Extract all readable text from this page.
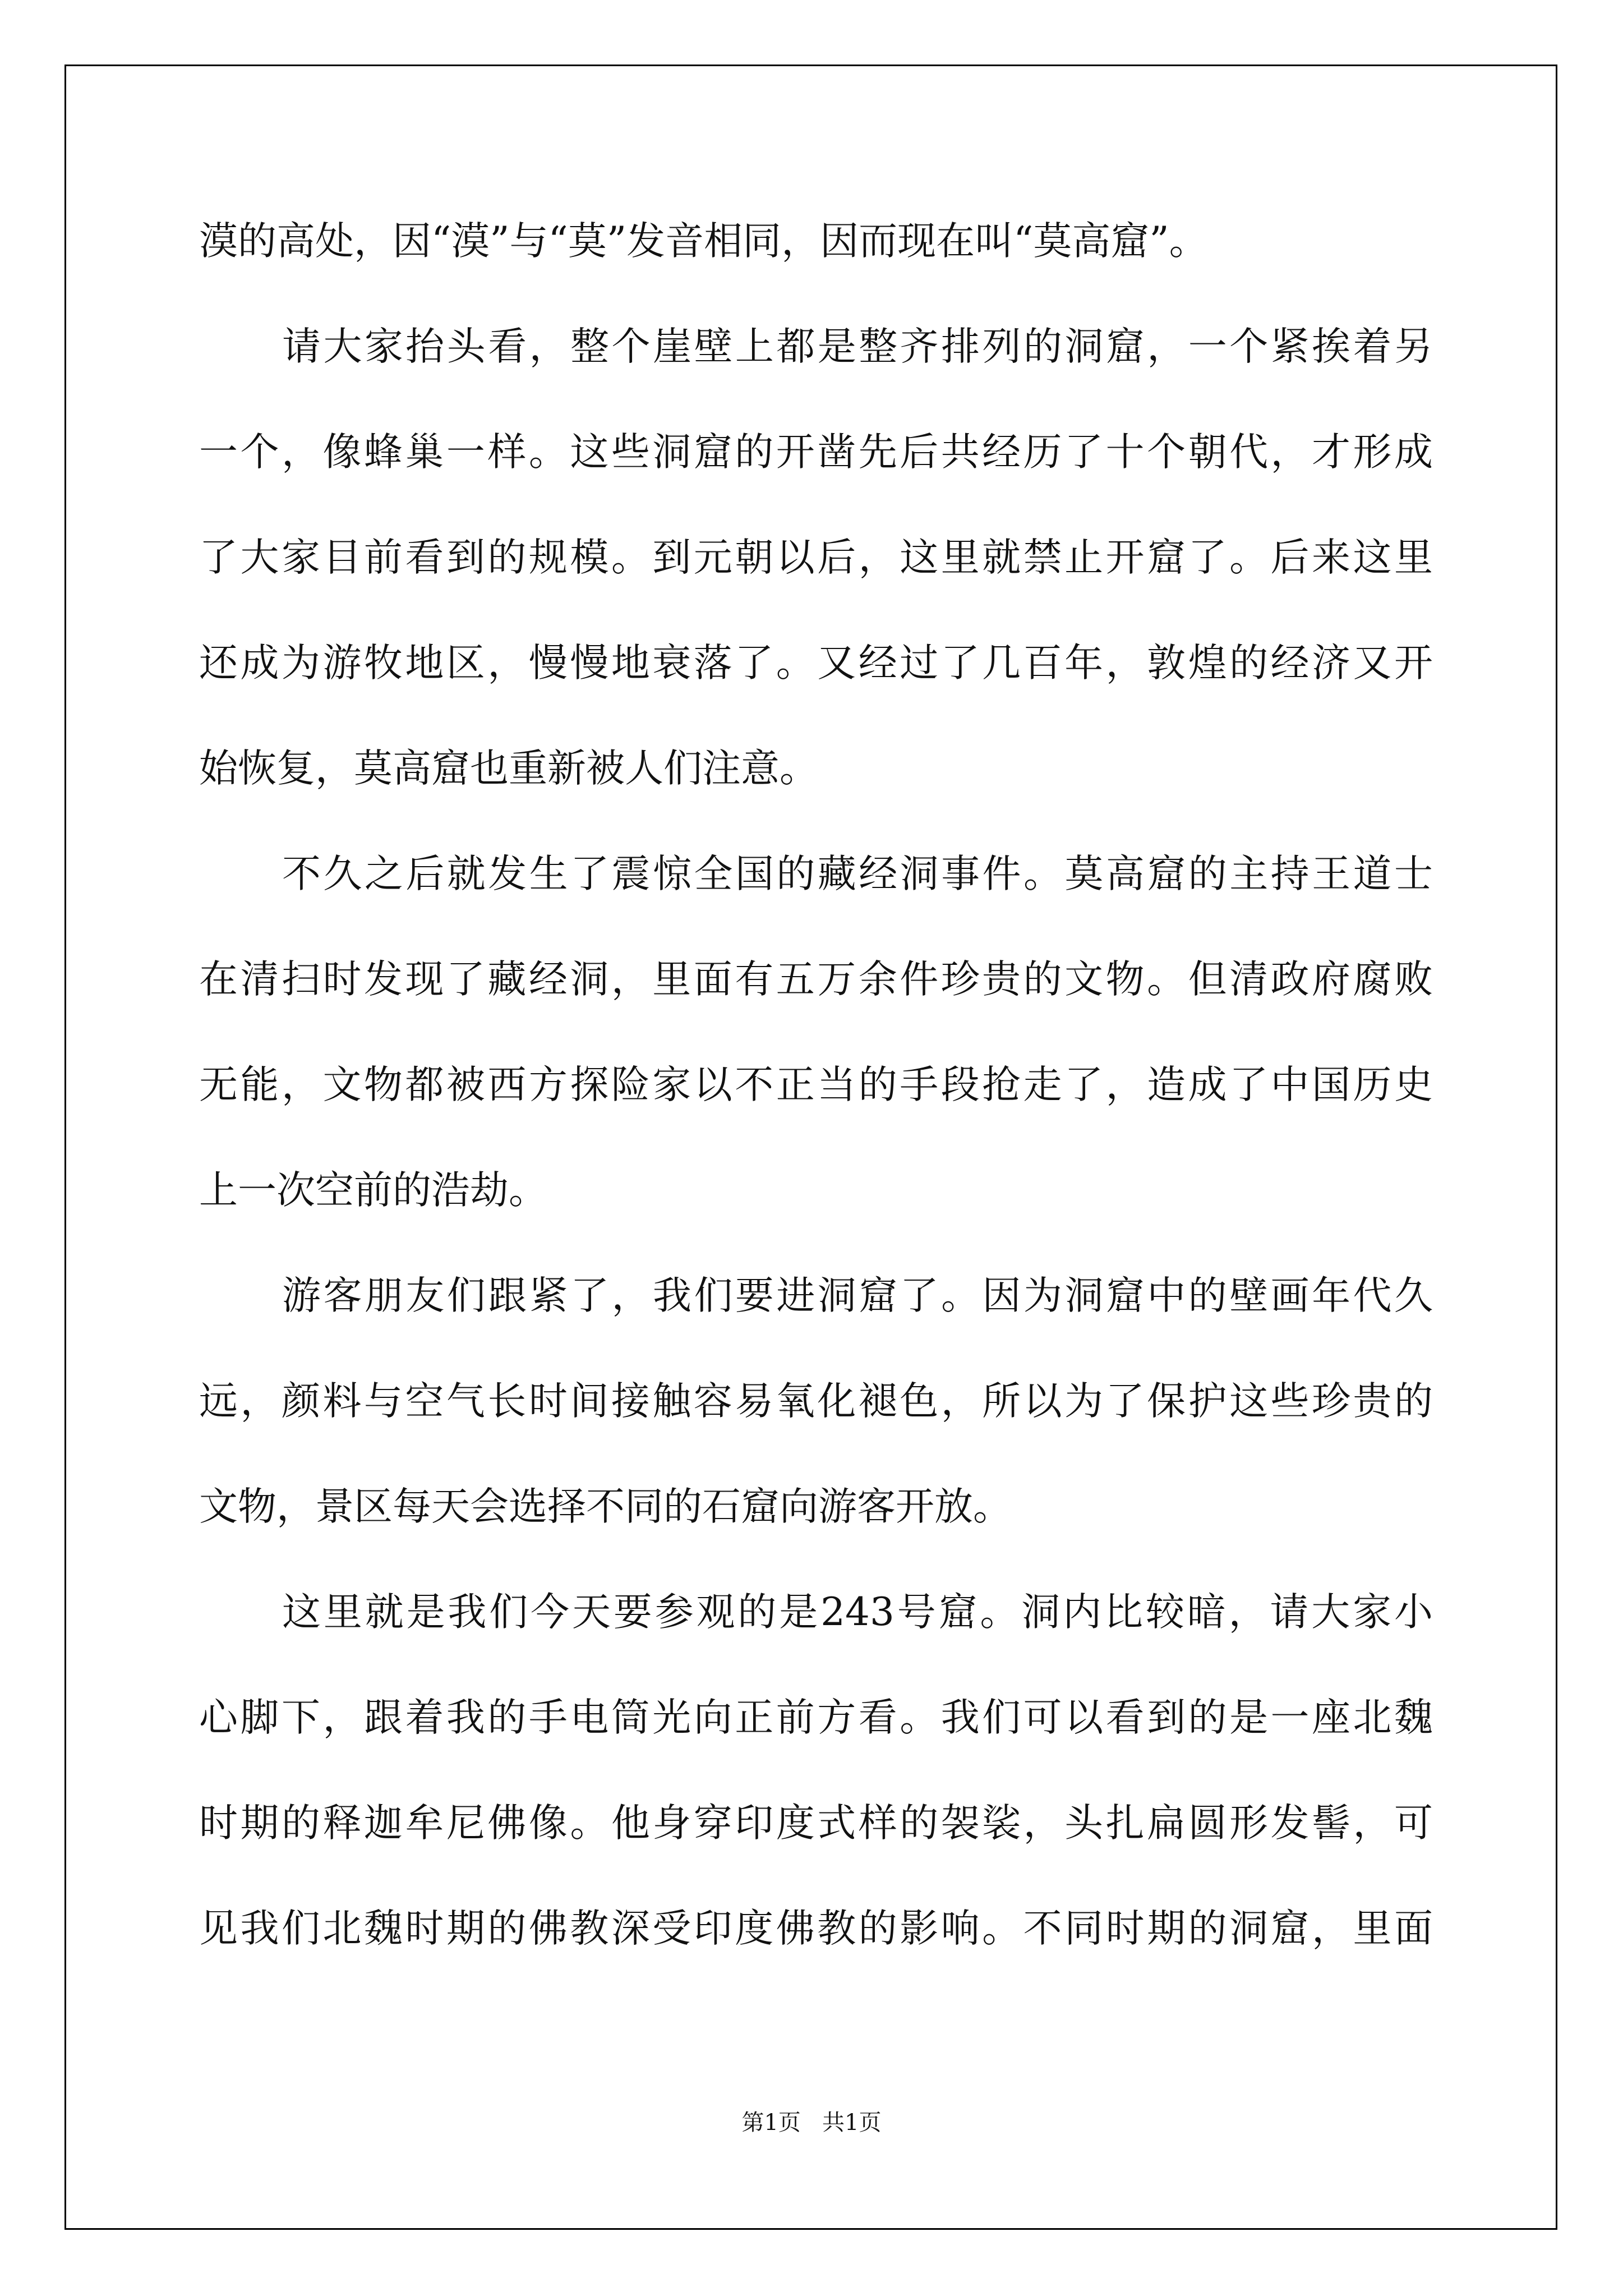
漠的高处，因“漠”与“莫”发音相同，因而现在叫“莫高窟”。
请大家抬头看，整个崖壁上都是整齐排列的洞窟，一个紧挨着另
一个，像蜂巢一样。这些洞窟的开凿先后共经历了十个朝代，才形成
了大家目前看到的规模。到元朝以后，这里就禁止开窟了。后来这里
还成为游牧地区，慢慢地衰落了。又经过了几百年，敦煌的经济又开
始恢复，莫高窟也重新被人们注意。
不久之后就发生了震惊全国的藏经洞事件。莫高窟的主持王道士
在清扫时发现了藏经洞，里面有五万余件珍贵的文物。但清政府腐败
无能，文物都被西方探险家以不正当的手段抢走了，造成了中国历史
上一次空前的浩劫。
游客朋友们跟紧了，我们要进洞窟了。因为洞窟中的壁画年代久
远，颜料与空气长时间接触容易氧化褪色，所以为了保护这些珍贵的
文物，景区每天会选择不同的石窟向游客开放。
这里就是我们今天要参观的是243号窟。洞内比较暗，请大家小
心脚下，跟着我的手电筒光向正前方看。我们可以看到的是一座北魏
时期的释迦牟尼佛像。他身穿印度式样的袈裟，头扎扁圆形发髻，可
见我们北魏时期的佛教深受印度佛教的影响。不同时期的洞窟，里面
第1页   共1页
